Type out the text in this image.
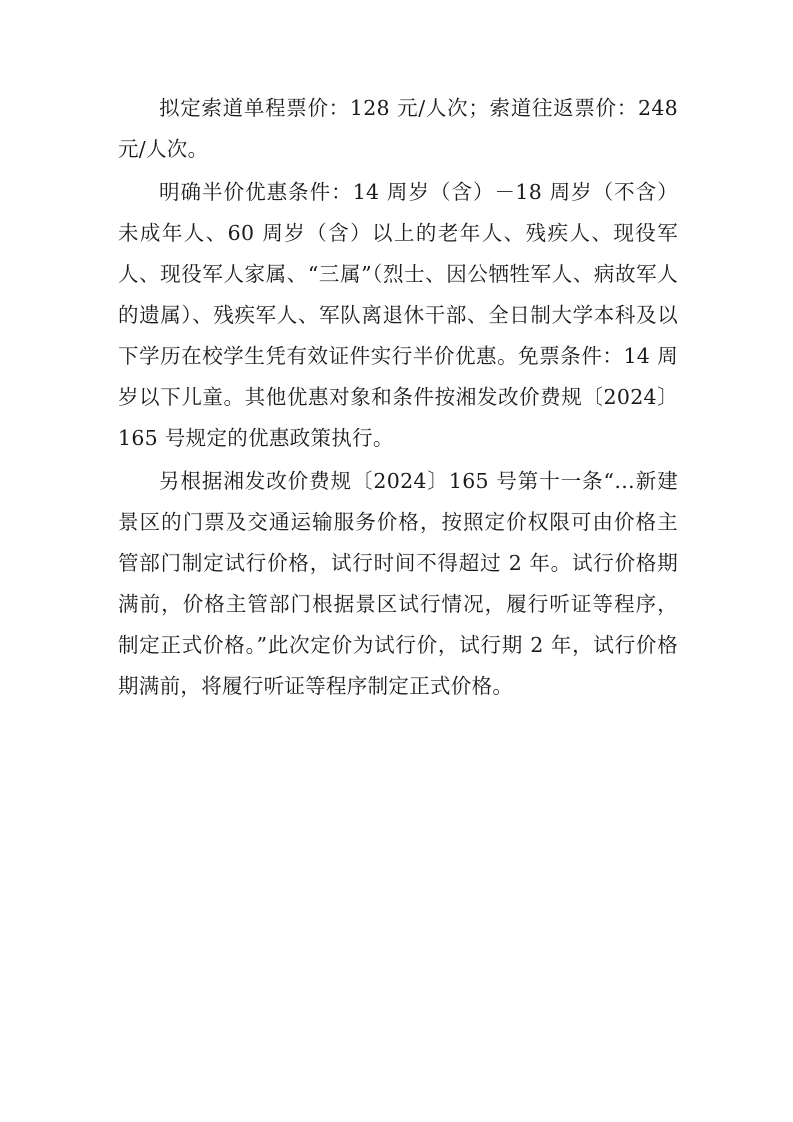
拟定索道单程票价：128 元/人次；索道往返票价：248 元/人次。

明确半价优惠条件：14 周岁（含）－18 周岁（不含）未成年人、60 周岁（含）以上的老年人、残疾人、现役军人、现役军人家属、“三属”（烈士、因公牺牲军人、病故军人的遗属）、残疾军人、军队离退休干部、全日制大学本科及以下学历在校学生凭有效证件实行半价优惠。免票条件：14 周岁以下儿童。其他优惠对象和条件按湘发改价费规〔2024〕165 号规定的优惠政策执行。

另根据湘发改价费规〔2024〕165 号第十一条“…新建景区的门票及交通运输服务价格，按照定价权限可由价格主管部门制定试行价格，试行时间不得超过 2 年。试行价格期满前，价格主管部门根据景区试行情况，履行听证等程序，制定正式价格。”此次定价为试行价，试行期 2 年，试行价格期满前，将履行听证等程序制定正式价格。
